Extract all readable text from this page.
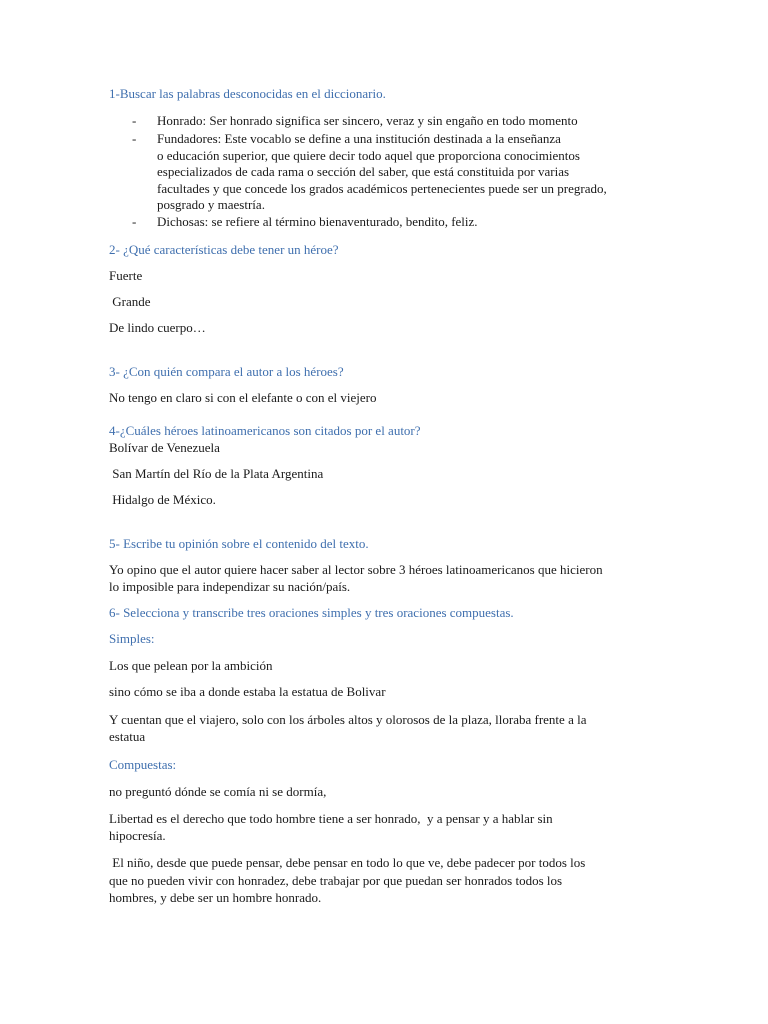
1-Buscar las palabras desconocidas en el diccionario.
- Honrado: Ser honrado significa ser sincero, veraz y sin engaño en todo momento
- Fundadores: Este vocablo se define a una institución destinada a la enseñanza
o educación superior, que quiere decir todo aquel que proporciona conocimientos
especializados de cada rama o sección del saber, que está constituida por varias
facultades y que concede los grados académicos pertenecientes puede ser un pregrado,
posgrado y maestría.
- Dichosas: se refiere al término bienaventurado, bendito, feliz.
2- ¿Qué características debe tener un héroe?
Fuerte
Grande
De lindo cuerpo…
3- ¿Con quién compara el autor a los héroes?
No tengo en claro si con el elefante o con el viejero
4-¿Cuáles héroes latinoamericanos son citados por el autor?
Bolívar de Venezuela
San Martín del Río de la Plata Argentina
Hidalgo de México.
5- Escribe tu opinión sobre el contenido del texto.
Yo opino que el autor quiere hacer saber al lector sobre 3 héroes latinoamericanos que hicieron
lo imposible para independizar su nación/país.
6- Selecciona y transcribe tres oraciones simples y tres oraciones compuestas.
Simples:
Los que pelean por la ambición
sino cómo se iba a donde estaba la estatua de Bolivar
Y cuentan que el viajero, solo con los árboles altos y olorosos de la plaza, lloraba frente a la
estatua
Compuestas:
no preguntó dónde se comía ni se dormía,
Libertad es el derecho que todo hombre tiene a ser honrado,  y a pensar y a hablar sin
hipocresía.
El niño, desde que puede pensar, debe pensar en todo lo que ve, debe padecer por todos los
que no pueden vivir con honradez, debe trabajar por que puedan ser honrados todos los
hombres, y debe ser un hombre honrado.
